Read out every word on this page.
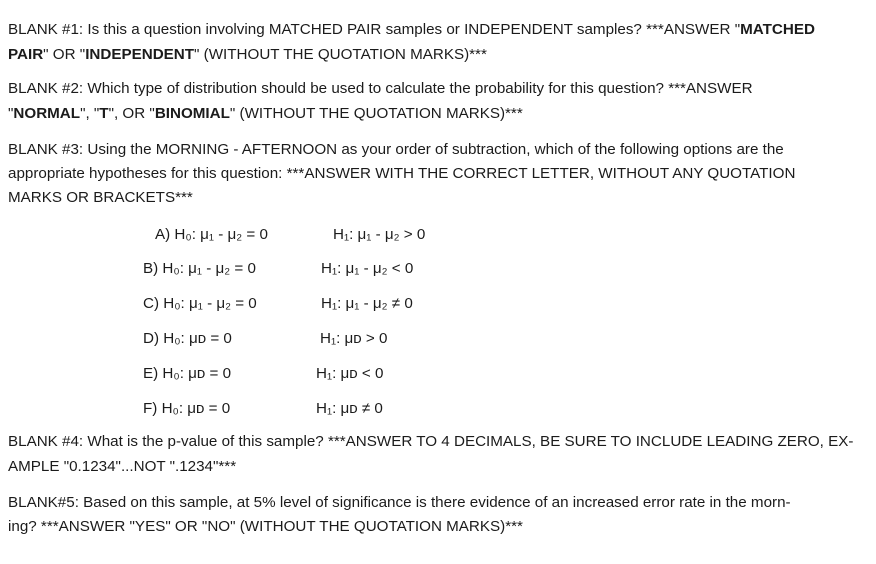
BLANK #1: Is this a question involving MATCHED PAIR samples or INDEPENDENT samples? ***ANSWER "MATCHED
PAIR" OR "INDEPENDENT" (WITHOUT THE QUOTATION MARKS)***
BLANK #2: Which type of distribution should be used to calculate the probability for this question? ***ANSWER
"NORMAL", "T", OR "BINOMIAL" (WITHOUT THE QUOTATION MARKS)***
BLANK #3: Using the MORNING - AFTERNOON as your order of subtraction, which of the following options are the
appropriate hypotheses for this question: ***ANSWER WITH THE CORRECT LETTER, WITHOUT ANY QUOTATION
MARKS OR BRACKETS***
A) H₀: μ₁ - μ₂ = 0	H₁: μ₁ - μ₂ > 0
B) H₀: μ₁ - μ₂ = 0	H₁: μ₁ - μ₂ < 0
C) H₀: μ₁ - μ₂ = 0	H₁: μ₁ - μ₂ ≠ 0
D) H₀: μᴅ = 0	H₁: μᴅ > 0
E) H₀: μᴅ = 0	H₁: μᴅ < 0
F) H₀: μᴅ = 0	H₁: μᴅ ≠ 0
BLANK #4: What is the p-value of this sample? ***ANSWER TO 4 DECIMALS, BE SURE TO INCLUDE LEADING ZERO, EX-
AMPLE "0.1234"...NOT ".1234"***
BLANK#5: Based on this sample, at 5% level of significance is there evidence of an increased error rate in the morn-
ing? ***ANSWER "YES" OR "NO" (WITHOUT THE QUOTATION MARKS)***
